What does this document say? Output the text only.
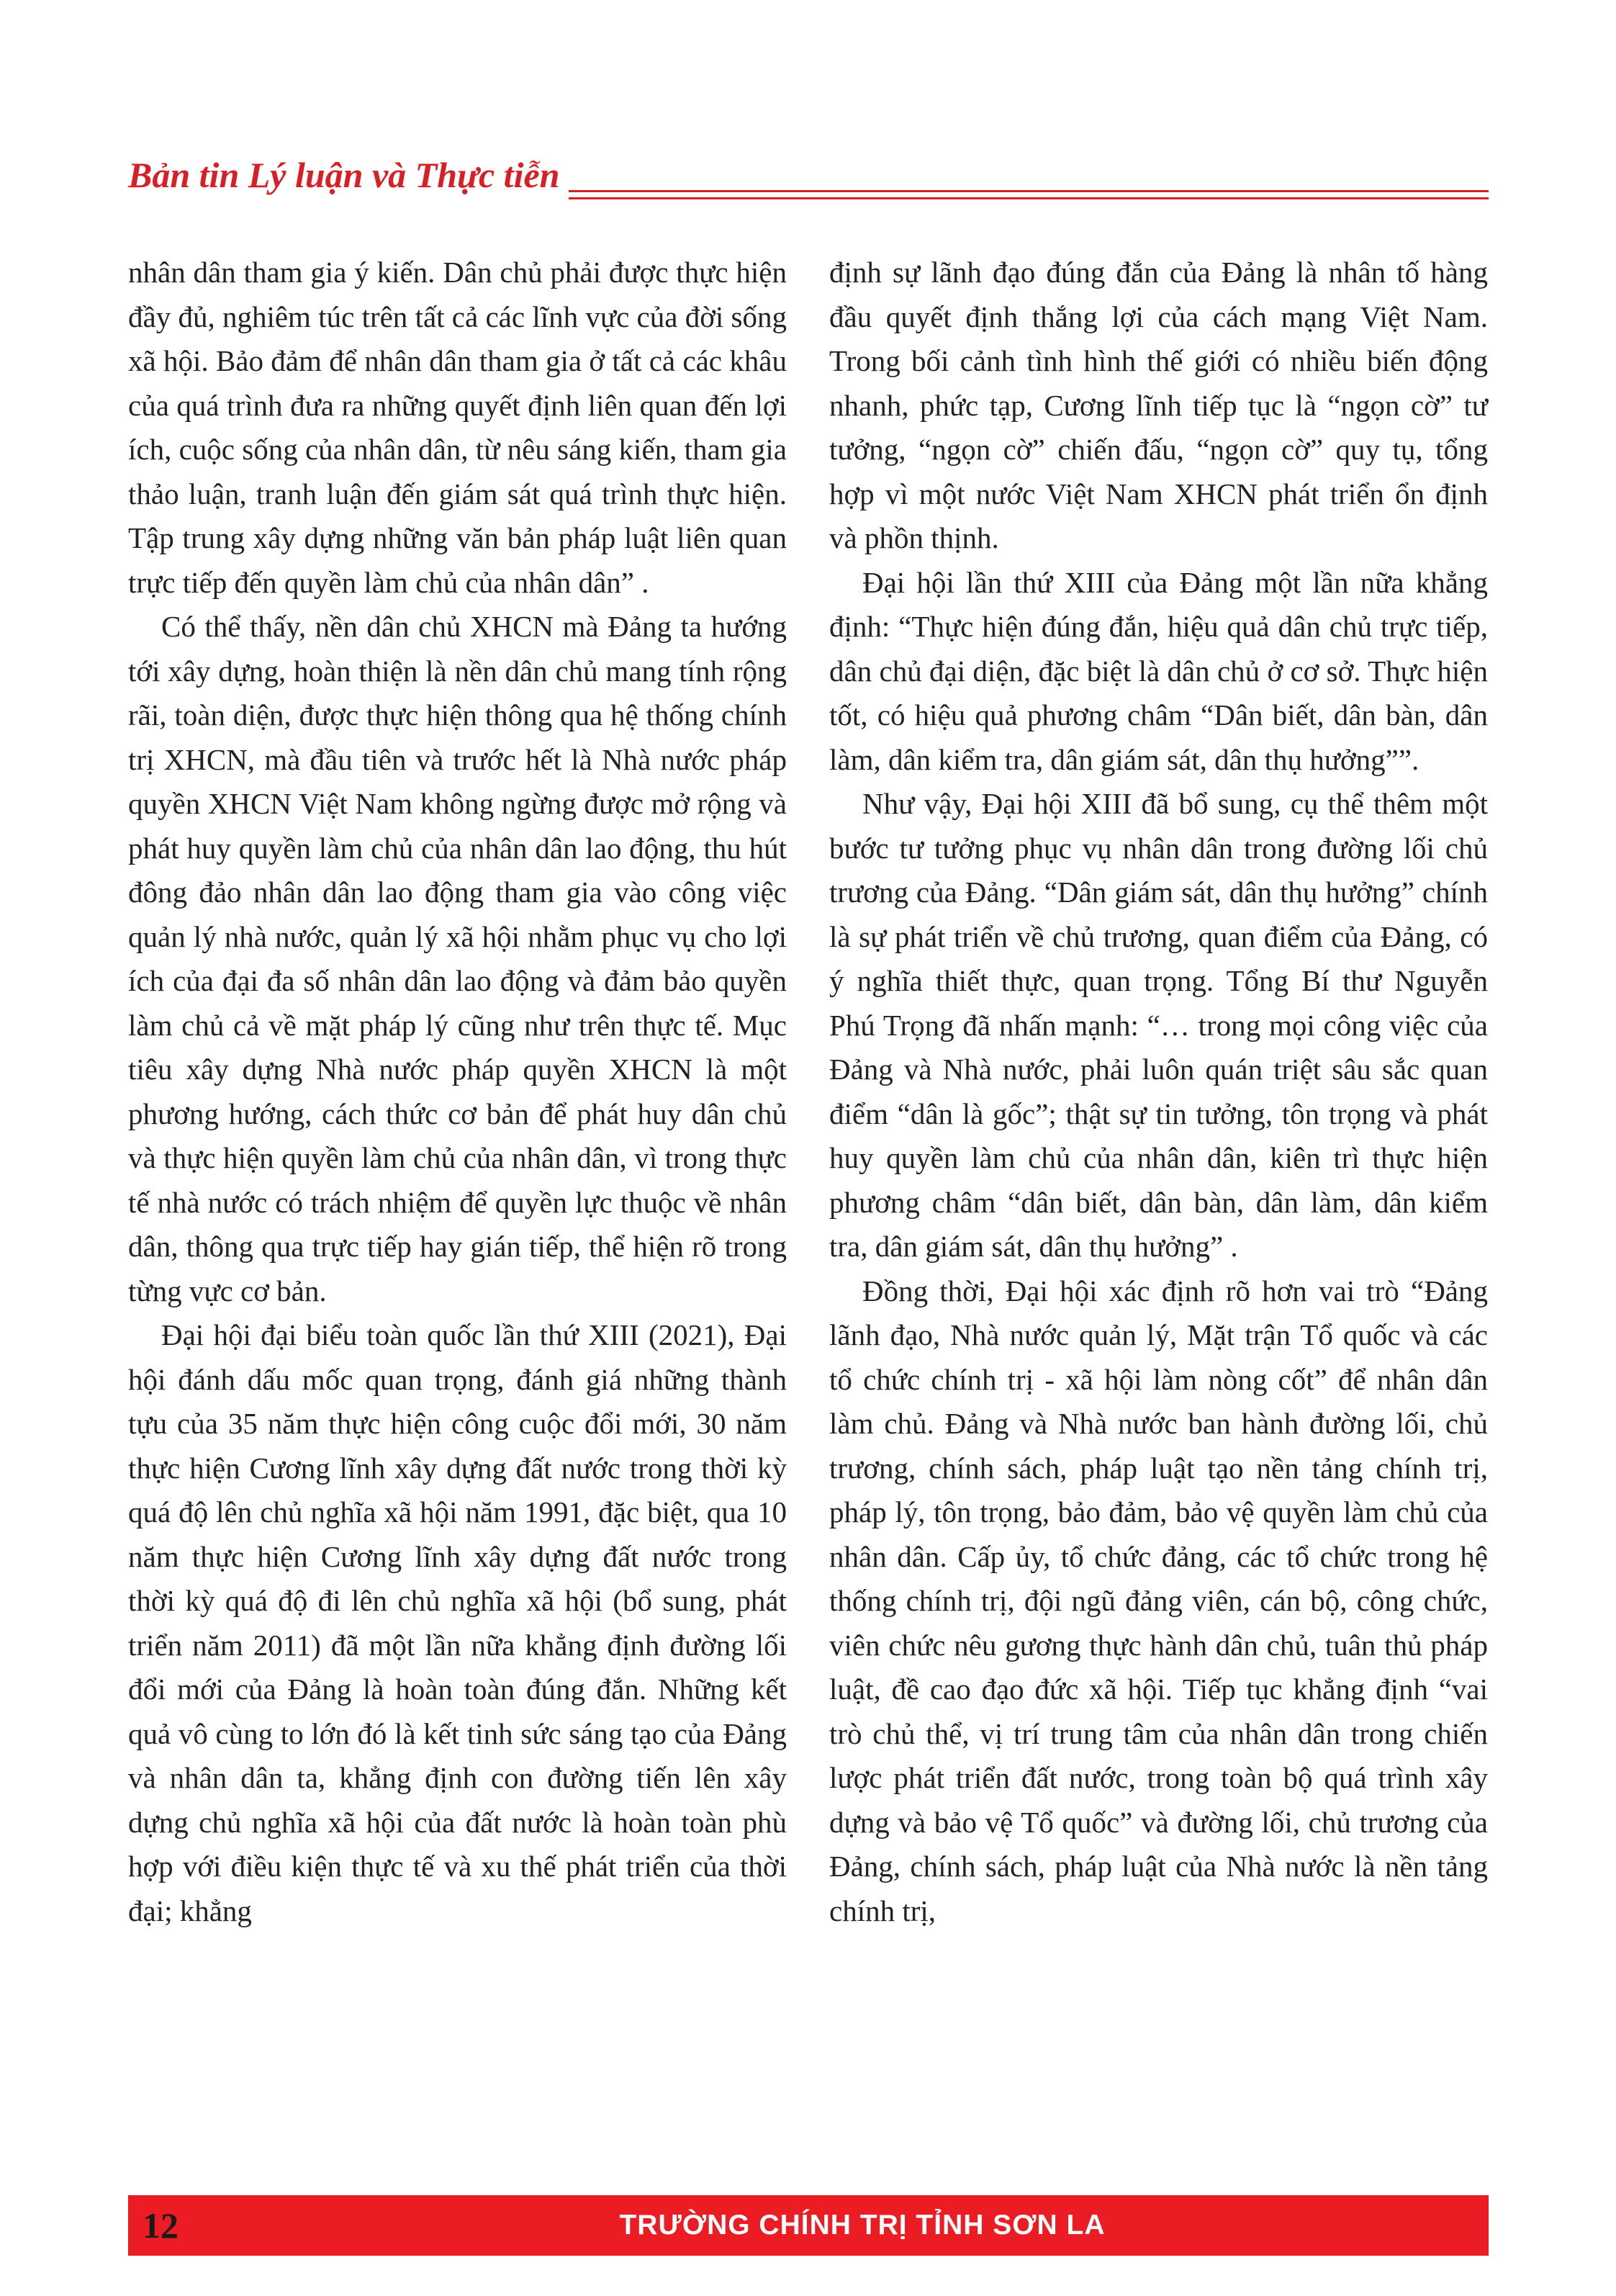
Bản tin Lý luận và Thực tiễn

nhân dân tham gia ý kiến. Dân chủ phải được thực hiện đầy đủ, nghiêm túc trên tất cả các lĩnh vực của đời sống xã hội. Bảo đảm để nhân dân tham gia ở tất cả các khâu của quá trình đưa ra những quyết định liên quan đến lợi ích, cuộc sống của nhân dân, từ nêu sáng kiến, tham gia thảo luận, tranh luận đến giám sát quá trình thực hiện. Tập trung xây dựng những văn bản pháp luật liên quan trực tiếp đến quyền làm chủ của nhân dân” .

Có thể thấy, nền dân chủ XHCN mà Đảng ta hướng tới xây dựng, hoàn thiện là nền dân chủ mang tính rộng rãi, toàn diện, được thực hiện thông qua hệ thống chính trị XHCN, mà đầu tiên và trước hết là Nhà nước pháp quyền XHCN Việt Nam không ngừng được mở rộng và phát huy quyền làm chủ của nhân dân lao động, thu hút đông đảo nhân dân lao động tham gia vào công việc quản lý nhà nước, quản lý xã hội nhằm phục vụ cho lợi ích của đại đa số nhân dân lao động và đảm bảo quyền làm chủ cả về mặt pháp lý cũng như trên thực tế. Mục tiêu xây dựng Nhà nước pháp quyền XHCN là một phương hướng, cách thức cơ bản để phát huy dân chủ và thực hiện quyền làm chủ của nhân dân, vì trong thực tế nhà nước có trách nhiệm để quyền lực thuộc về nhân dân, thông qua trực tiếp hay gián tiếp, thể hiện rõ trong từng vực cơ bản.

Đại hội đại biểu toàn quốc lần thứ XIII (2021), Đại hội đánh dấu mốc quan trọng, đánh giá những thành tựu của 35 năm thực hiện công cuộc đổi mới, 30 năm thực hiện Cương lĩnh xây dựng đất nước trong thời kỳ quá độ lên chủ nghĩa xã hội năm 1991, đặc biệt, qua 10 năm thực hiện Cương lĩnh xây dựng đất nước trong thời kỳ quá độ đi lên chủ nghĩa xã hội (bổ sung, phát triển năm 2011) đã một lần nữa khẳng định đường lối đổi mới của Đảng là hoàn toàn đúng đắn. Những kết quả vô cùng to lớn đó là kết tinh sức sáng tạo của Đảng và nhân dân ta, khẳng định con đường tiến lên xây dựng chủ nghĩa xã hội của đất nước là hoàn toàn phù hợp với điều kiện thực tế và xu thế phát triển của thời đại; khẳng

định sự lãnh đạo đúng đắn của Đảng là nhân tố hàng đầu quyết định thắng lợi của cách mạng Việt Nam. Trong bối cảnh tình hình thế giới có nhiều biến động nhanh, phức tạp, Cương lĩnh tiếp tục là “ngọn cờ” tư tưởng, “ngọn cờ” chiến đấu, “ngọn cờ” quy tụ, tổng hợp vì một nước Việt Nam XHCN phát triển ổn định và phồn thịnh.

Đại hội lần thứ XIII của Đảng một lần nữa khẳng định: “Thực hiện đúng đắn, hiệu quả dân chủ trực tiếp, dân chủ đại diện, đặc biệt là dân chủ ở cơ sở. Thực hiện tốt, có hiệu quả phương châm “Dân biết, dân bàn, dân làm, dân kiểm tra, dân giám sát, dân thụ hưởng””.

Như vậy, Đại hội XIII đã bổ sung, cụ thể thêm một bước tư tưởng phục vụ nhân dân trong đường lối chủ trương của Đảng. “Dân giám sát, dân thụ hưởng” chính là sự phát triển về chủ trương, quan điểm của Đảng, có ý nghĩa thiết thực, quan trọng. Tổng Bí thư Nguyễn Phú Trọng đã nhấn mạnh: “… trong mọi công việc của Đảng và Nhà nước, phải luôn quán triệt sâu sắc quan điểm “dân là gốc”; thật sự tin tưởng, tôn trọng và phát huy quyền làm chủ của nhân dân, kiên trì thực hiện phương châm “dân biết, dân bàn, dân làm, dân kiểm tra, dân giám sát, dân thụ hưởng” .

Đồng thời, Đại hội xác định rõ hơn vai trò “Đảng lãnh đạo, Nhà nước quản lý, Mặt trận Tổ quốc và các tổ chức chính trị - xã hội làm nòng cốt” để nhân dân làm chủ. Đảng và Nhà nước ban hành đường lối, chủ trương, chính sách, pháp luật tạo nền tảng chính trị, pháp lý, tôn trọng, bảo đảm, bảo vệ quyền làm chủ của nhân dân. Cấp ủy, tổ chức đảng, các tổ chức trong hệ thống chính trị, đội ngũ đảng viên, cán bộ, công chức, viên chức nêu gương thực hành dân chủ, tuân thủ pháp luật, đề cao đạo đức xã hội. Tiếp tục khẳng định “vai trò chủ thể, vị trí trung tâm của nhân dân trong chiến lược phát triển đất nước, trong toàn bộ quá trình xây dựng và bảo vệ Tổ quốc” và đường lối, chủ trương của Đảng, chính sách, pháp luật của Nhà nước là nền tảng chính trị,

12	TRƯỜNG CHÍNH TRỊ TỈNH SƠN LA
